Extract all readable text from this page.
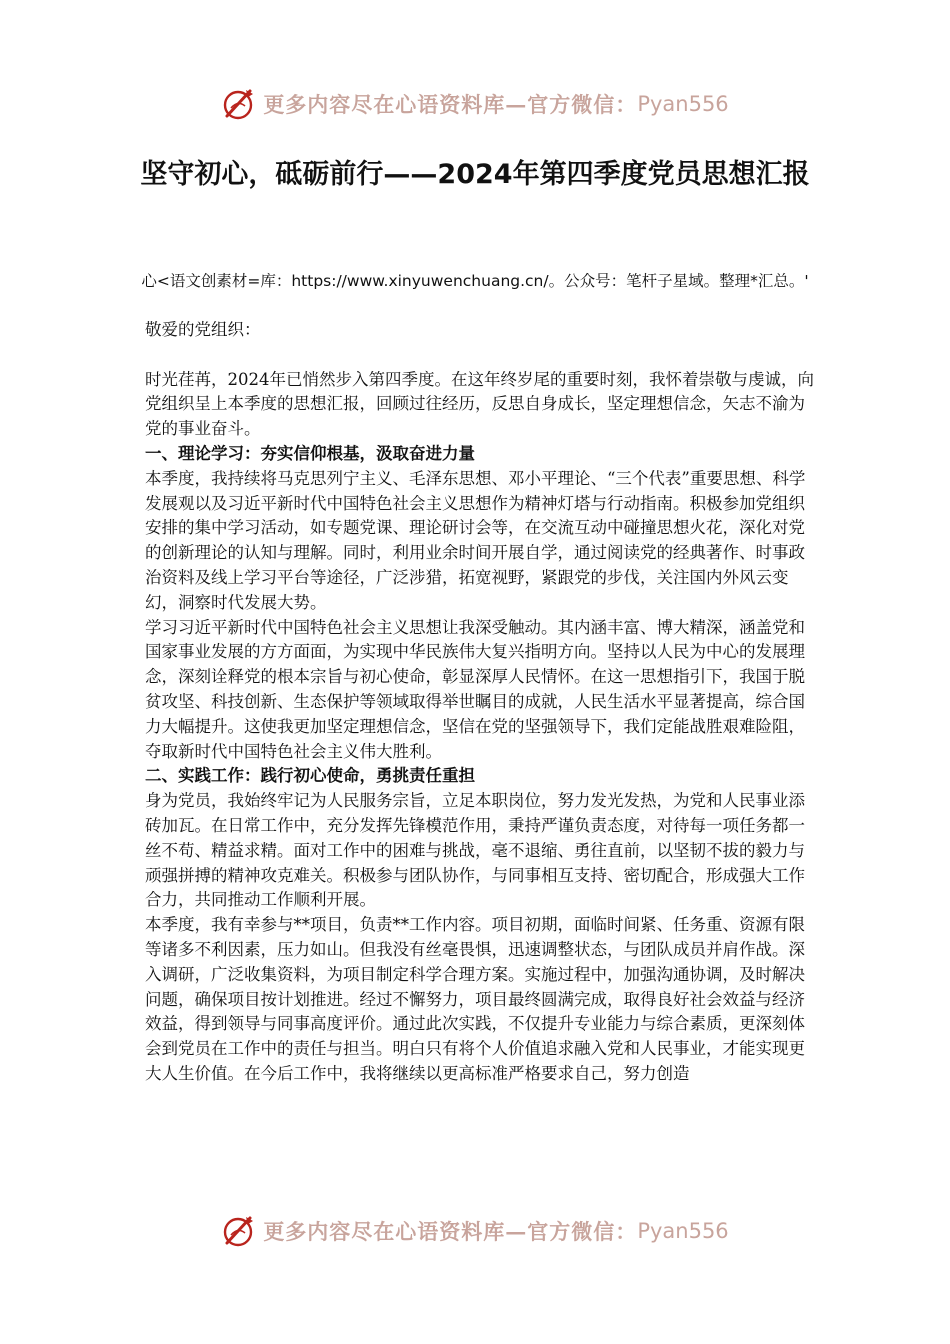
更多内容尽在心语资料库—官方微信： Pyan556
坚守初心，砥砺前行——2024年第四季度党员思想汇报
心<语文创素材=库：https://www.xinyuwenchuang.cn/。公众号：笔杆子星域。整理*汇总。'

敬爱的党组织：

时光荏苒，2024年已悄然步入第四季度。在这年终岁尾的重要时刻，我怀着崇敬与虔诚，向党组织呈上本季度的思想汇报，回顾过往经历，反思自身成长，坚定理想信念，矢志不渝为党的事业奋斗。

一、理论学习：夯实信仰根基，汲取奋进力量

本季度，我持续将马克思列宁主义、毛泽东思想、邓小平理论、“三个代表”重要思想、科学发展观以及习近平新时代中国特色社会主义思想作为精神灯塔与行动指南。积极参加党组织安排的集中学习活动，如专题党课、理论研讨会等，在交流互动中碰撞思想火花，深化对党的创新理论的认知与理解。同时，利用业余时间开展自学，通过阅读党的经典著作、时事政治资料及线上学习平台等途径，广泛涉猎，拓宽视野，紧跟党的步伐，关注国内外风云变幻，洞察时代发展大势。

学习习近平新时代中国特色社会主义思想让我深受触动。其内涵丰富、博大精深，涵盖党和国家事业发展的方方面面，为实现中华民族伟大复兴指明方向。坚持以人民为中心的发展理念，深刻诠释党的根本宗旨与初心使命，彰显深厚人民情怀。在这一思想指引下，我国于脱贫攻坚、科技创新、生态保护等领域取得举世瞩目的成就，人民生活水平显著提高，综合国力大幅提升。这使我更加坚定理想信念，坚信在党的坚强领导下，我们定能战胜艰难险阻，夺取新时代中国特色社会主义伟大胜利。

二、实践工作：践行初心使命，勇挑责任重担

身为党员，我始终牢记为人民服务宗旨，立足本职岗位，努力发光发热，为党和人民事业添砖加瓦。在日常工作中，充分发挥先锋模范作用，秉持严谨负责态度，对待每一项任务都一丝不苟、精益求精。面对工作中的困难与挑战，毫不退缩、勇往直前，以坚韧不拔的毅力与顽强拼搏的精神攻克难关。积极参与团队协作，与同事相互支持、密切配合，形成强大工作合力，共同推动工作顺利开展。

本季度，我有幸参与**项目，负责**工作内容。项目初期，面临时间紧、任务重、资源有限等诸多不利因素，压力如山。但我没有丝毫畏惧，迅速调整状态，与团队成员并肩作战。深入调研，广泛收集资料，为项目制定科学合理方案。实施过程中，加强沟通协调，及时解决问题，确保项目按计划推进。经过不懈努力，项目最终圆满完成，取得良好社会效益与经济效益，得到领导与同事高度评价。通过此次实践，不仅提升专业能力与综合素质，更深刻体会到党员在工作中的责任与担当。明白只有将个人价值追求融入党和人民事业，才能实现更大人生价值。在今后工作中，我将继续以更高标准严格要求自己，努力创造

更多内容尽在心语资料库—官方微信： Pyan556
